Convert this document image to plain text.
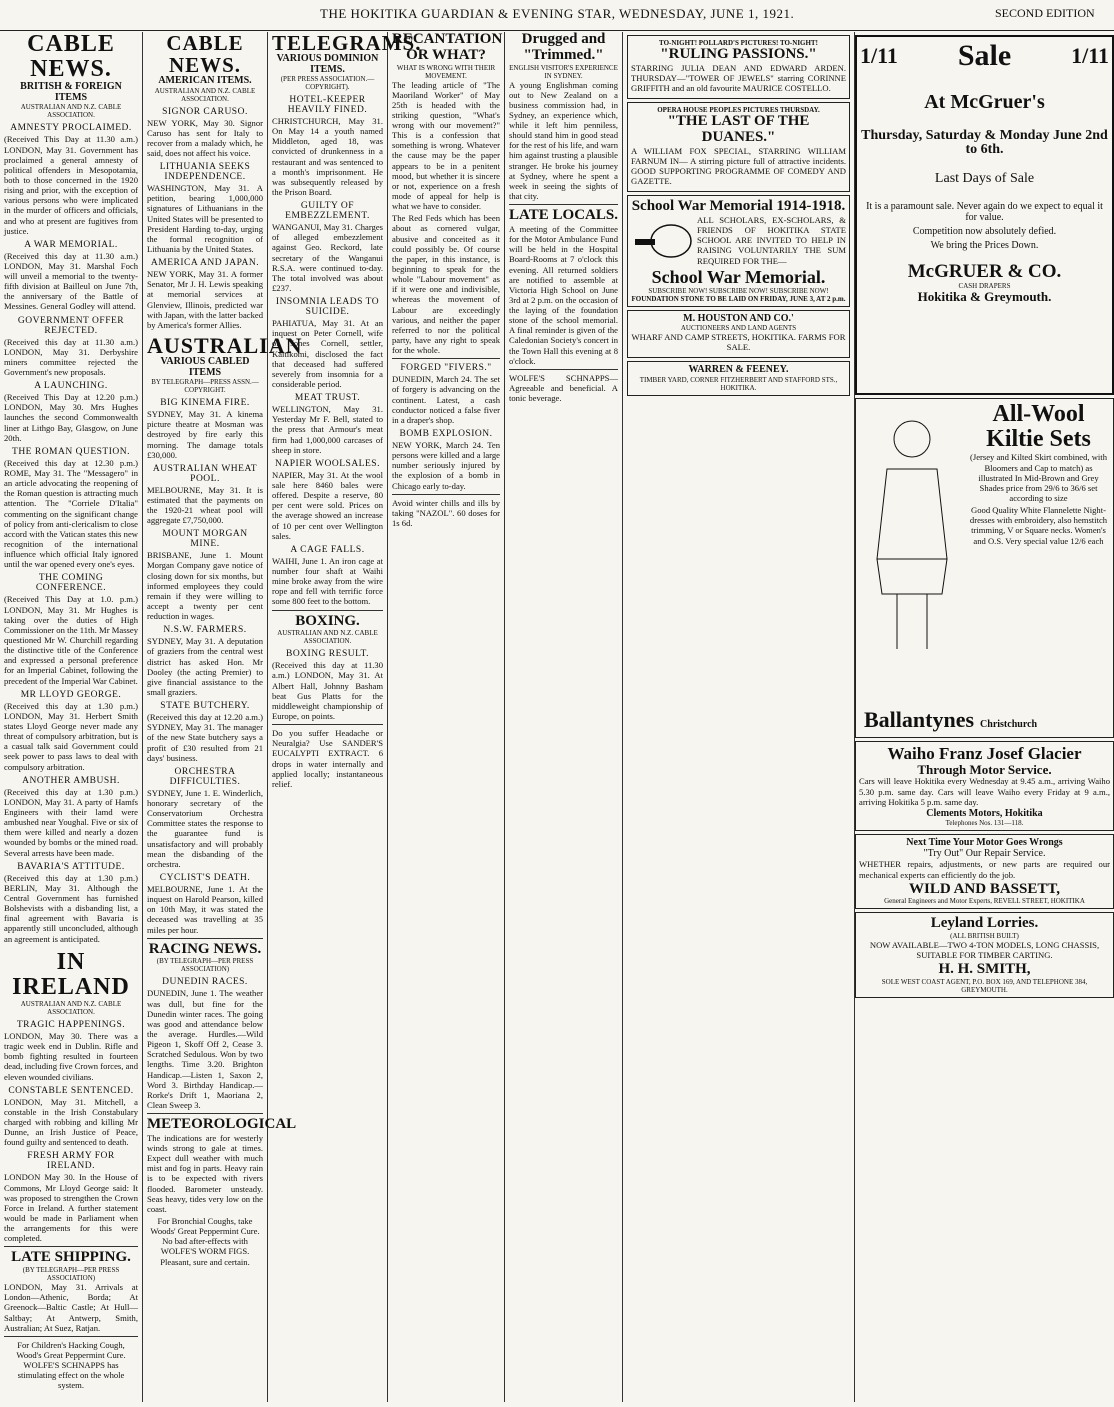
THE HOKITIKA GUARDIAN & EVENING STAR, WEDNESDAY, JUNE 1, 1921.	SECOND EDITION
CABLE NEWS.
BRITISH & FOREIGN ITEMS
AUSTRALIAN AND N.Z. CABLE ASSOCIATION.
AMNESTY PROCLAIMED.

(Received This Day at 11.30 a.m.) LONDON, May 31. Government has proclaimed a general amnesty of political offenders in Mesopotamia, both to those concerned in the 1920 rising and prior, with the exception of various persons who were implicated in the murder of officers and officials, and who at present are fugitives from justice.

A WAR MEMORIAL.

(Received this day at 11.30 a.m.) LONDON, May 31. Marshal Foch will unveil a memorial to the twenty-fifth division at Bailleul on June 7th, the anniversary of the Battle of Messines. General Godley will attend.

GOVERNMENT OFFER REJECTED.

(Received this day at 11.30 a.m.) LONDON, May 31. Derbyshire miners committee rejected the Government's new proposals.

A LAUNCHING.

(Received This Day at 12.20 p.m.) LONDON, May 30. Mrs Hughes launches the second Commonwealth liner at Lithgo Bay, Glasgow, on June 20th.

THE ROMAN QUESTION.

(Received this day at 12.30 p.m.) ROME, May 31. The "Messagero" in an article advocating the reopening of the Roman question is attracting much attention. The "Corriele D'Italia" commenting on the significant change of policy from anti-clericalism to close accord with the Vatican states this new recognition of the international influence which official Italy ignored until the war opened every one's eyes.

THE COMING CONFERENCE.

(Received This Day at 1.0. p.m.) LONDON, May 31. Mr Hughes is taking over the duties of High Commissioner on the 11th. Mr Massey questioned Mr W. Churchill regarding the distinctive title of the Conference and expressed a personal preference for an Imperial Cabinet, following the precedent of the Imperial War Cabinet.

MR LLOYD GEORGE.

(Received this day at 1.30 p.m.) LONDON, May 31. Herbert Smith states Lloyd George never made any threat of compulsory arbitration, but is a casual talk said Government could seek power to pass laws to deal with compulsory arbitration.

ANOTHER AMBUSH.

(Received this day at 1.30 p.m.) LONDON, May 31. A party of Hamfs Engineers with their lamd were ambushed near Youghal. Five or six of them were killed and nearly a dozen wounded by bombs or the mined road. Several arrests have been made.

BAVARIA'S ATTITUDE.

(Received this day at 1.30 p.m.) BERLIN, May 31. Although the Central Government has furnished Bolshevists with a disbanding list, a final agreement with Bavaria is apparently still unconcluded, although an agreement is anticipated.

IN IRELAND
AUSTRALIAN AND N.Z. CABLE ASSOCIATION.
TRAGIC HAPPENINGS.

LONDON, May 30. There was a tragic week end in Dublin. Rifle and bomb fighting resulted in fourteen dead, including five Crown forces, and eleven wounded civilians.

CONSTABLE SENTENCED.

LONDON, May 31. Mitchell, a constable in the Irish Constabulary charged with robbing and killing Mr Dunne, an Irish Justice of Peace, found guilty and sentenced to death.

FRESH ARMY FOR IRELAND.

LONDON May 30. In the House of Commons, Mr Lloyd George said: It was proposed to strengthen the Crown Force in Ireland. A further statement would be made in Parliament when the arrangements for this were completed.

LATE SHIPPING.
(BY TELEGRAPH—PER PRESS ASSOCIATION)

LONDON, May 31. Arrivals at London—Athenic, Borda; At Greenock—Baltic Castle; At Hull—Saltbay; At Antwerp, Smith, Australian; At Suez, Ratjan.

For Children's Hacking Cough, Wood's Great Peppermint Cure. WOLFE'S SCHNAPPS has stimulating effect on the whole system.

CABLE NEWS.
AMERICAN ITEMS.
AUSTRALIAN AND N.Z. CABLE ASSOCIATION.
SIGNOR CARUSO.

NEW YORK, May 30. Signor Caruso has sent for Italy to recover from a malady which, he said, does not affect his voice.

LITHUANIA SEEKS INDEPENDENCE.

WASHINGTON, May 31. A petition, bearing 1,000,000 signatures of Lithuanians in the United States will be presented to President Harding to-day, urging the formal recognition of Lithuania by the United States.

AMERICA AND JAPAN.

NEW YORK, May 31. A former Senator, Mr J. H. Lewis speaking at memorial services at Glenview, Illinois, predicted war with Japan, with the latter backed by America's former Allies.

AUSTRALIAN
VARIOUS CABLED ITEMS
BY TELEGRAPH—PRESS ASSN.—COPYRIGHT.
BIG KINEMA FIRE.

SYDNEY, May 31. A kinema picture theatre at Mosman was destroyed by fire early this morning. The damage totals £30,000.

AUSTRALIAN WHEAT POOL.

MELBOURNE, May 31. It is estimated that the payments on the 1920-21 wheat pool will aggregate £7,750,000.

MOUNT MORGAN MINE.

BRISBANE, June 1. Mount Morgan Company gave notice of closing down for six months, but informed employees they could remain if they were willing to accept a twenty per cent reduction in wages.

N.S.W. FARMERS.

SYDNEY, May 31. A deputation of graziers from the central west district has asked Hon. Mr Dooley (the acting Premier) to give financial assistance to the small graziers.

STATE BUTCHERY.

(Received this day at 12.20 a.m.) SYDNEY, May 31. The manager of the new State butchery says a profit of £30 resulted from 21 days' business.

ORCHESTRA DIFFICULTIES.

SYDNEY, June 1. E. Winderlich, honorary secretary of the Conservatorium Orchestra Committee states the response to the guarantee fund is unsatisfactory and will probably mean the disbanding of the orchestra.

CYCLIST'S DEATH.

MELBOURNE, June 1. At the inquest on Harold Pearson, killed on 10th May, it was stated the deceased was travelling at 35 miles per hour.

RACING NEWS.
(BY TELEGRAPH—PER PRESS ASSOCIATION)
DUNEDIN RACES.

DUNEDIN, June 1. The weather was dull, but fine for the Dunedin winter races. The going was good and attendance below the average. Hurdles.—Wild Pigeon 1, Skoff Off 2, Cease 3. Scratched Sedulous. Won by two lengths. Time 3.20. Brighton Handicap.—Listen 1, Saxon 2, Word 3. Birthday Handicap.—Rorke's Drift 1, Maoriana 2, Clean Sweep 3.

METEOROLOGICAL

The indications are for westerly winds strong to gale at times. Expect dull weather with much mist and fog in parts. Heavy rain is to be expected with rivers flooded. Barometer unsteady. Seas heavy, tides very low on the coast.

For Bronchial Coughs, take Woods' Great Peppermint Cure. No bad after-effects with WOLFE'S WORM FIGS. Pleasant, sure and certain.

TELEGRAMS.
VARIOUS DOMINION ITEMS.
(PER PRESS ASSOCIATION.—COPYRIGHT).
HOTEL-KEEPER HEAVILY FINED.

CHRISTCHURCH, May 31. On May 14 a youth named Middleton, aged 18, was convicted of drunkenness in a restaurant and was sentenced to a month's imprisonment. He was subsequently released by the Prison Board.

GUILTY OF EMBEZZLEMENT.

WANGANUI, May 31. Charges of alleged embezzlement against Geo. Reckord, late secretary of the Wanganui R.S.A. were continued to-day. The total involved was about £237.

INSOMNIA LEADS TO SUICIDE.

PAHIATUA, May 31. At an inquest on Peter Cornell, wife of Jones Cornell, settler, Kaitikomi, disclosed the fact that deceased had suffered severely from insomnia for a considerable period.

MEAT TRUST.

WELLINGTON, May 31. Yesterday Mr F. Bell, stated to the press that Armour's meat firm had 1,000,000 carcases of sheep in store.

NAPIER WOOLSALES.

NAPIER, May 31. At the wool sale here 8460 bales were offered. Despite a reserve, 80 per cent were sold. Prices on the average showed an increase of 10 per cent over Wellington sales.

A CAGE FALLS.

WAIHI, June 1. An iron cage at number four shaft at Waihi mine broke away from the wire rope and fell with terrific force some 800 feet to the bottom.

BOXING.
AUSTRALIAN AND N.Z. CABLE ASSOCIATION.
BOXING RESULT.

(Received this day at 11.30 a.m.) LONDON, May 31. At Albert Hall, Johnny Basham beat Gus Platts for the middleweight championship of Europe, on points.

Do you suffer Headache or Neuralgia? Use SANDER'S EUCALYPTI EXTRACT. 6 drops in water internally and applied locally; instantaneous relief.

RECANTATION OR WHAT?
WHAT IS WRONG WITH THEIR MOVEMENT.

The leading article of "The Maoriland Worker" of May 25th is headed with the striking question, "What's wrong with our movement?" This is a confession that something is wrong. Whatever the cause may be the paper appears to be in a penitent mood, but whether it is sincere or not, experience on a fresh mode of appeal for help is what we have to consider.

The Red Feds which has been about as cornered vulgar, abusive and conceited as it could possibly be. Of course the paper, in this instance, is beginning to speak for the whole "Labour movement" as if it were one and indivisible, whereas the movement of Labour are exceedingly various, and neither the paper referred to nor the political party, have any right to speak for the whole.

FORGED "FIVERS."

DUNEDIN, March 24. The set of forgery is advancing on the continent. Latest, a cash conductor noticed a false fiver in a draper's shop.

BOMB EXPLOSION.

NEW YORK, March 24. Ten persons were killed and a large number seriously injured by the explosion of a bomb in Chicago early to-day.

Avoid winter chills and ills by taking "NAZOL". 60 doses for 1s 6d.

Drugged and "Trimmed."
ENGLISH VISITOR'S EXPERIENCE IN SYDNEY.

A young Englishman coming out to New Zealand on a business commission had, in Sydney, an experience which, while it left him penniless, should stand him in good stead for the rest of his life, and warn him against trusting a plausible stranger. He broke his journey at Sydney, where he spent a week in seeing the sights of that city.

LATE LOCALS.

A meeting of the Committee for the Motor Ambulance Fund will be held in the Hospital Board-Rooms at 7 o'clock this evening. All returned soldiers are notified to assemble at Victoria High School on June 3rd at 2 p.m. on the occasion of the laying of the foundation stone of the school memorial. A final reminder is given of the Caledonian Society's concert in the Town Hall this evening at 8 o'clock.

WOLFE'S SCHNAPPS—Agreeable and beneficial. A tonic beverage.

TO-NIGHT! POLLARD'S PICTURES! TO-NIGHT!
"RULING PASSIONS."

STARRING JULIA DEAN AND EDWARD ARDEN. THURSDAY—"TOWER OF JEWELS" starring CORINNE GRIFFITH and an old favourite MAURICE COSTELLO.

OPERA HOUSE PEOPLES PICTURES THURSDAY.
"THE LAST OF THE DUANES."

A WILLIAM FOX SPECIAL, STARRING WILLIAM FARNUM IN— A stirring picture full of attractive incidents. GOOD SUPPORTING PROGRAMME OF COMEDY AND GAZETTE.

School War Memorial 1914-1918.

ALL SCHOLARS, EX-SCHOLARS, & FRIENDS OF HOKITIKA STATE SCHOOL ARE INVITED TO HELP IN RAISING VOLUNTARILY THE SUM REQUIRED FOR THE—

School War Memorial.
SUBSCRIBE NOW! SUBSCRIBE NOW! SUBSCRIBE NOW!
FOUNDATION STONE TO BE LAID ON FRIDAY, JUNE 3, AT 2 p.m.
M. HOUSTON AND CO.'
AUCTIONEERS AND LAND AGENTS

WHARF AND CAMP STREETS, HOKITIKA. FARMS FOR SALE.

WARREN & FEENEY.
TIMBER YARD, CORNER FITZHERBERT AND STAFFORD STS., HOKITIKA.
1/11 Sale	1/11
At McGruer's
Thursday, Saturday & Monday June 2nd to 6th.
Last Days of Sale

It is a paramount sale. Never again do we expect to equal it for value.

Competition now absolutely defied.

We bring the Prices Down.

McGRUER & CO.
CASH DRAPERS
Hokitika & Greymouth.
All-Wool Kiltie Sets

(Jersey and Kilted Skirt combined, with Bloomers and Cap to match) as illustrated In Mid-Brown and Grey Shades price from 29/6 to 36/6 set according to size

Good Quality White Flannelette Night-dresses with embroidery, also hemstitch trimming, V or Square necks. Women's and O.S. Very special value 12/6 each

Ballantynes Christchurch
Waiho Franz Josef Glacier
Through Motor Service.

Cars will leave Hokitika every Wednesday at 9.45 a.m., arriving Waiho 5.30 p.m. same day. Cars will leave Waiho every Friday at 9 a.m., arriving Hokitika 5 p.m. same day.

Clements Motors, Hokitika
Telephones Nos. 131—118.
Next Time Your Motor Goes Wrongs
"Try Out" Our Repair Service.

WHETHER repairs, adjustments, or new parts are required our mechanical experts can efficiently do the job.

WILD AND BASSETT,
General Engineers and Motor Experts, REVELL STREET, HOKITIKA
Leyland Lorries.
(ALL BRITISH BUILT)

NOW AVAILABLE—TWO 4-TON MODELS, LONG CHASSIS, SUITABLE FOR TIMBER CARTING.

H. H. SMITH,
SOLE WEST COAST AGENT, P.O. BOX 169, AND TELEPHONE 384, GREYMOUTH.
